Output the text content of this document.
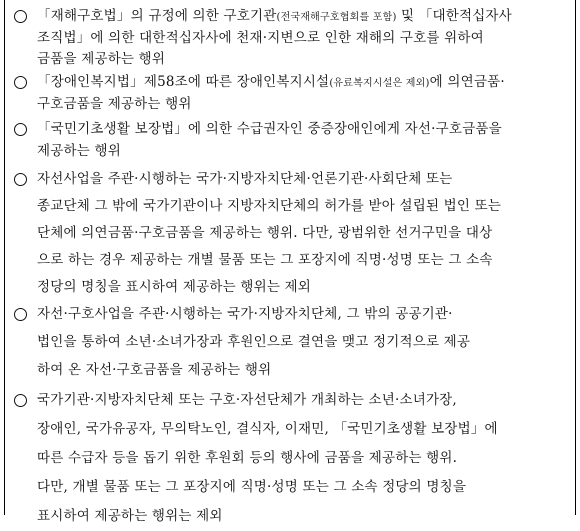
「재해구호법」의 규정에 의한 구호기관(전국재해구호협회를 포함) 및 「대한적십자사
조직법」에 의한 대한적십자사에 천재·지변으로 인한 재해의 구호를 위하여
금품을 제공하는 행위
「장애인복지법」제58조에 따른 장애인복지시설(유료복지시설은 제외)에 의연금품·
구호금품을 제공하는 행위
「국민기초생활 보장법」에 의한 수급권자인 중증장애인에게 자선·구호금품을
제공하는 행위
자선사업을 주관·시행하는 국가·지방자치단체·언론기관·사회단체 또는
종교단체 그 밖에 국가기관이나 지방자치단체의 허가를 받아 설립된 법인 또는
단체에 의연금품·구호금품을 제공하는 행위. 다만, 광범위한 선거구민을 대상
으로 하는 경우 제공하는 개별 물품 또는 그 포장지에 직명·성명 또는 그 소속
정당의 명칭을 표시하여 제공하는 행위는 제외
자선·구호사업을 주관·시행하는 국가·지방자치단체, 그 밖의 공공기관·
법인을 통하여 소년·소녀가장과 후원인으로 결연을 맺고 정기적으로 제공
하여 온 자선·구호금품을 제공하는 행위
국가기관·지방자치단체 또는 구호·자선단체가 개최하는 소년·소녀가장,
장애인, 국가유공자, 무의탁노인, 결식자, 이재민, 「국민기초생활 보장법」에
따른 수급자 등을 돕기 위한 후원회 등의 행사에 금품을 제공하는 행위.
다만, 개별 물품 또는 그 포장지에 직명·성명 또는 그 소속 정당의 명칭을
표시하여 제공하는 행위는 제외
